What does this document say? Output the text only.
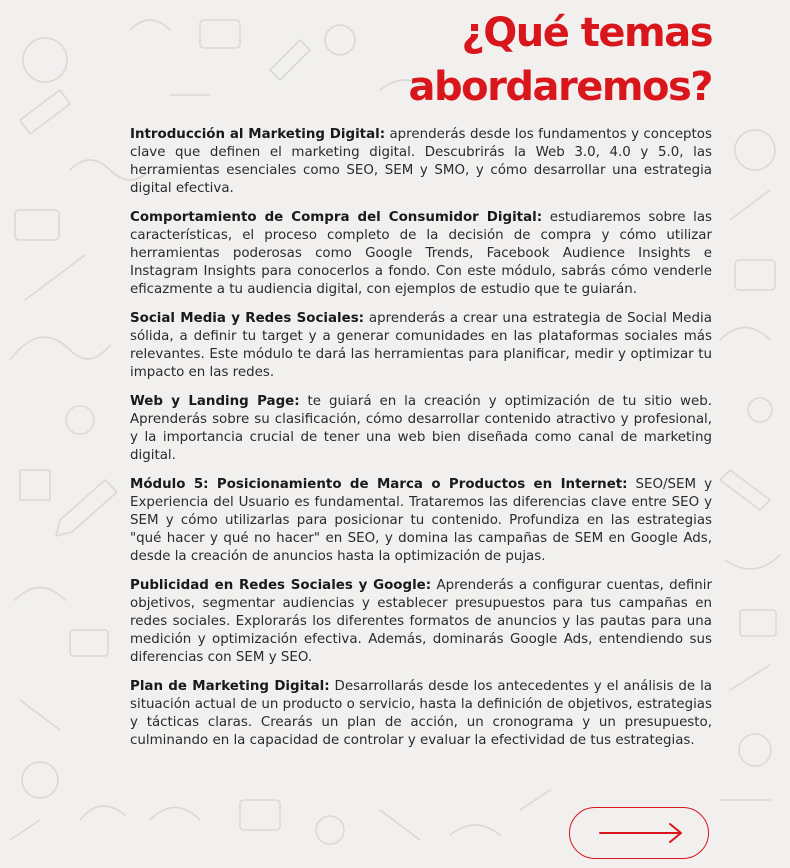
¿Qué temas
abordaremos?

Introducción al Marketing Digital: aprenderás desde los fundamentos y conceptos clave que definen el marketing digital. Descubrirás la Web 3.0, 4.0 y 5.0, las herramientas esenciales como SEO, SEM y SMO, y cómo desarrollar una estrategia digital efectiva.

Comportamiento de Compra del Consumidor Digital: estudiaremos sobre las características, el proceso completo de la decisión de compra y cómo utilizar herramientas poderosas como Google Trends, Facebook Audience Insights e Instagram Insights para conocerlos a fondo. Con este módulo, sabrás cómo venderle eficazmente a tu audiencia digital, con ejemplos de estudio que te guiarán.

Social Media y Redes Sociales: aprenderás a crear una estrategia de Social Media sólida, a definir tu target y a generar comunidades en las plataformas sociales más relevantes. Este módulo te dará las herramientas para planificar, medir y optimizar tu impacto en las redes.

Web y Landing Page: te guiará en la creación y optimización de tu sitio web. Aprenderás sobre su clasificación, cómo desarrollar contenido atractivo y profesional, y la importancia crucial de tener una web bien diseñada como canal de marketing digital.

Módulo 5: Posicionamiento de Marca o Productos en Internet: SEO/SEM y Experiencia del Usuario es fundamental. Trataremos las diferencias clave entre SEO y SEM y cómo utilizarlas para posicionar tu contenido. Profundiza en las estrategias "qué hacer y qué no hacer" en SEO, y domina las campañas de SEM en Google Ads, desde la creación de anuncios hasta la optimización de pujas.

Publicidad en Redes Sociales y Google: Aprenderás a configurar cuentas, definir objetivos, segmentar audiencias y establecer presupuestos para tus campañas en redes sociales. Explorarás los diferentes formatos de anuncios y las pautas para una medición y optimización efectiva. Además, dominarás Google Ads, entendiendo sus diferencias con SEM y SEO.

Plan de Marketing Digital: Desarrollarás desde los antecedentes y el análisis de la situación actual de un producto o servicio, hasta la definición de objetivos, estrategias y tácticas claras. Crearás un plan de acción, un cronograma y un presupuesto, culminando en la capacidad de controlar y evaluar la efectividad de tus estrategias.
